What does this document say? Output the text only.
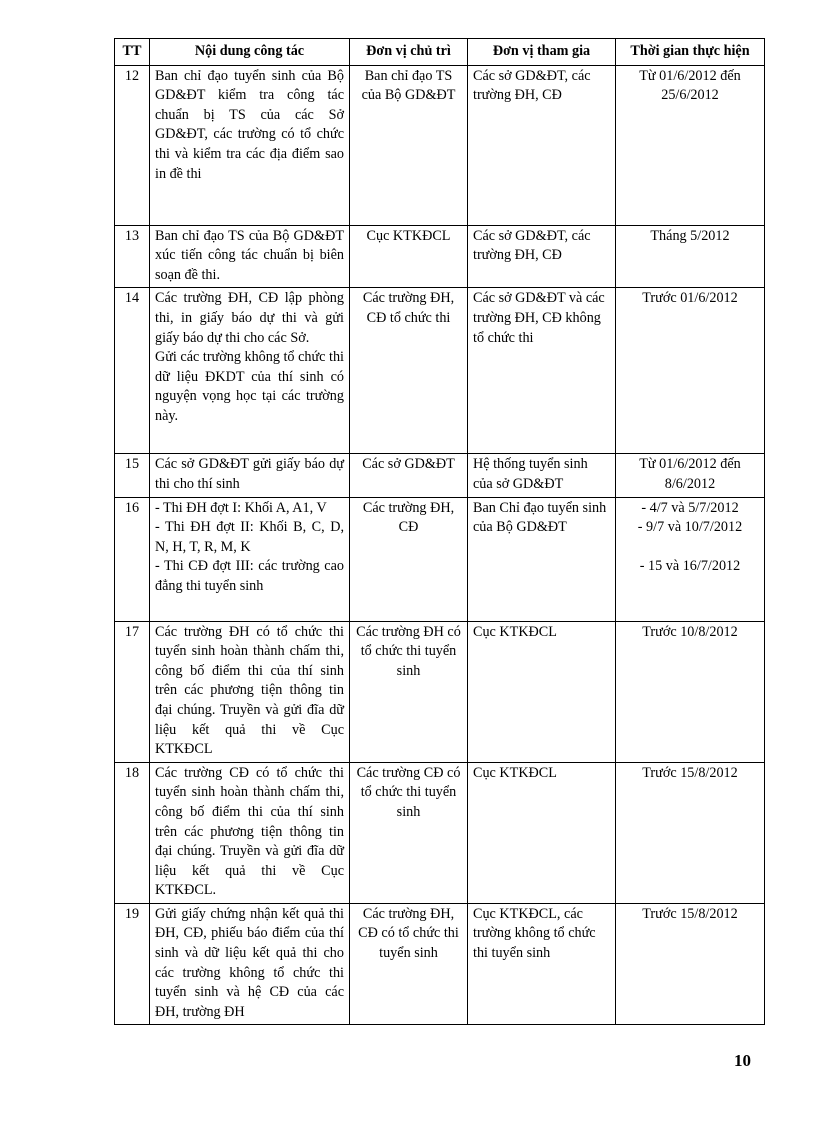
TT	Nội dung công tác	Đơn vị chủ trì	Đơn vị tham gia	Thời gian thực hiện
12	Ban chỉ đạo tuyển sinh của Bộ GD&ĐT kiểm tra công tác chuẩn bị TS của các Sở GD&ĐT, các trường có tổ chức thi và kiểm tra các địa điểm sao in đề thi	Ban chỉ đạo TS của Bộ GD&ĐT	Các sở GD&ĐT, các trường ĐH, CĐ	Từ 01/6/2012 đến 25/6/2012

13	Ban chỉ đạo TS của Bộ GD&ĐT xúc tiến công tác chuẩn bị biên soạn đề thi.	Cục KTKĐCL	Các sở GD&ĐT, các trường ĐH, CĐ	Tháng 5/2012

14	Các trường ĐH, CĐ lập phòng thi, in giấy báo dự thi và gửi giấy báo dự thi cho các Sở.
Gửi các trường không tổ chức thi dữ liệu ĐKDT của thí sinh có nguyện vọng học tại các trường này.	Các trường ĐH, CĐ tổ chức thi	Các sở GD&ĐT và các trường ĐH, CĐ không tổ chức thi	Trước 01/6/2012

15	Các sở GD&ĐT gửi giấy báo dự thi cho thí sinh	Các sở GD&ĐT	Hệ thống tuyển sinh của sở GD&ĐT	Từ 01/6/2012 đến 8/6/2012

16	- Thi ĐH đợt I: Khối A, A1, V
- Thi ĐH đợt II: Khối B, C, D, N, H, T, R, M, K
- Thi CĐ đợt III: các trường cao đẳng thi tuyển sinh	Các trường ĐH, CĐ	Ban Chỉ đạo tuyển sinh của Bộ GD&ĐT	- 4/7 và 5/7/2012
- 9/7 và 10/7/2012
- 15 và 16/7/2012

17	Các trường ĐH có tổ chức thi tuyển sinh hoàn thành chấm thi, công bố điểm thi của thí sinh trên các phương tiện thông tin đại chúng. Truyền và gửi đĩa dữ liệu kết quả thi về Cục KTKĐCL	Các trường ĐH có tổ chức thi tuyển sinh	Cục KTKĐCL	Trước 10/8/2012

18	Các trường CĐ có tổ chức thi tuyển sinh hoàn thành chấm thi, công bố điểm thi của thí sinh trên các phương tiện thông tin đại chúng. Truyền và gửi đĩa dữ liệu kết quả thi về Cục KTKĐCL.	Các trường CĐ có tổ chức thi tuyển sinh	Cục KTKĐCL	Trước 15/8/2012

19	Gửi giấy chứng nhận kết quả thi ĐH, CĐ, phiếu báo điểm của thí sinh và dữ liệu kết quả thi cho các trường không tổ chức thi tuyển sinh và hệ CĐ của các ĐH, trường ĐH	Các trường ĐH, CĐ có tổ chức thi tuyển sinh	Cục KTKĐCL, các trường không tổ chức thi tuyển sinh	Trước 15/8/2012
10
